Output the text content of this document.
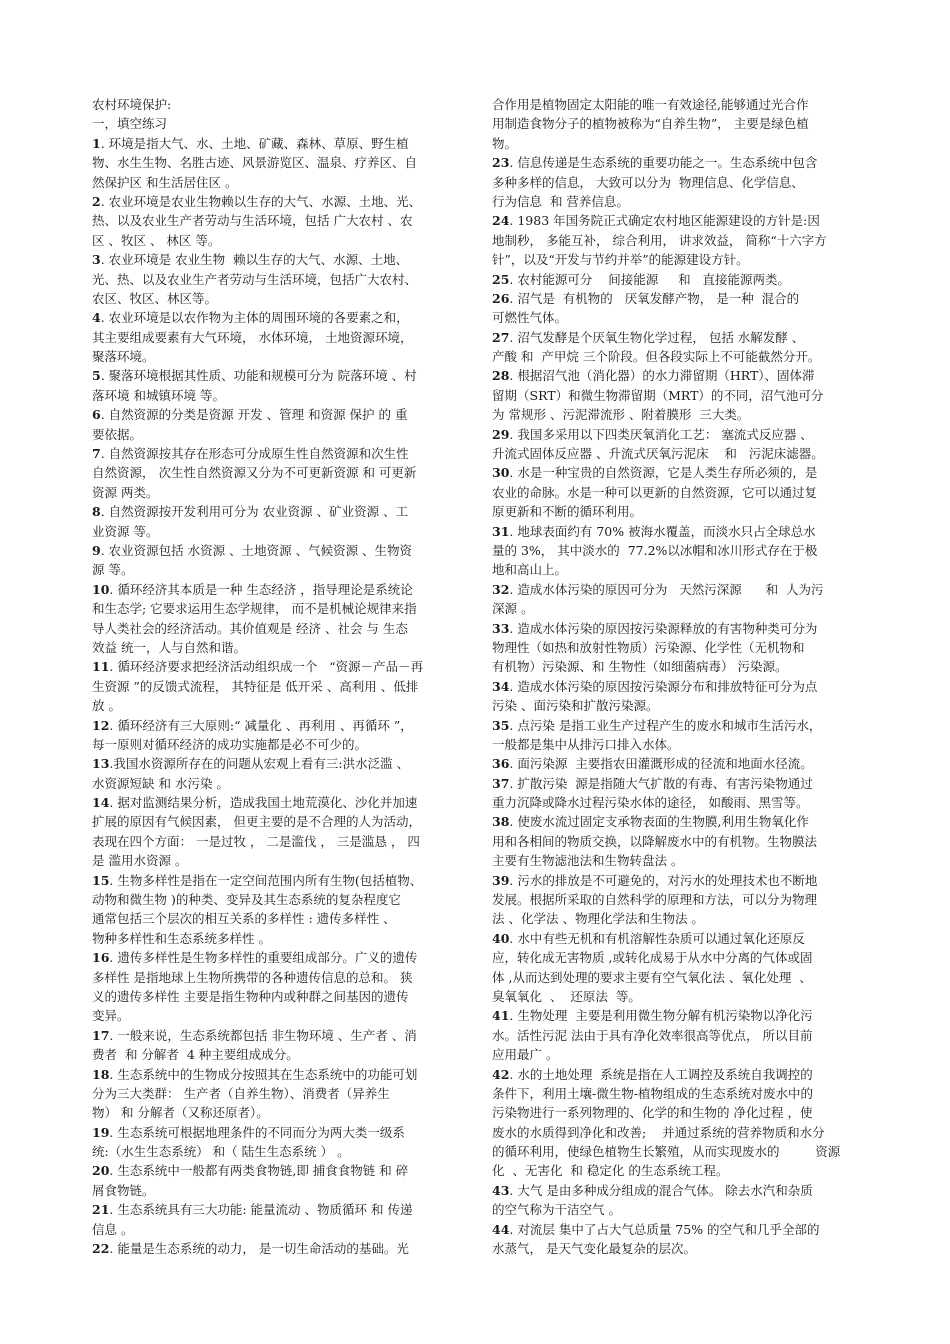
农村环境保护:
一，填空练习
1. 环境是指大气、水、土地、矿藏、森林、草原、野生植
物、水生生物、名胜古迹、风景游览区、温泉、疗养区、自
然保护区 和生活居住区 。
2. 农业环境是农业生物赖以生存的大气、水源、土地、光、
热、以及农业生产者劳动与生活环境，包括 广大农村 、农
区 、牧区 、 林区 等。
3. 农业环境是 农业生物  赖以生存的大气、水源、土地、
光、热、以及农业生产者劳动与生活环境，包括广大农村、
农区、牧区、林区等。
4. 农业环境是以农作物为主体的周围环境的各要素之和，
其主要组成要素有大气环境， 水体环境， 土地资源环境，
聚落环境。
5. 聚落环境根据其性质、功能和规模可分为 院落环境 、村
落环境 和城镇环境 等。
6. 自然资源的分类是资源 开发 、管理 和资源 保护 的 重
要依据。
7. 自然资源按其存在形态可分成原生性自然资源和次生性
自然资源， 次生性自然资源又分为不可更新资源 和 可更新
资源 两类。
8. 自然资源按开发利用可分为 农业资源 、矿业资源 、工
业资源 等。
9. 农业资源包括 水资源 、土地资源 、气候资源 、生物资
源 等。
10. 循环经济其本质是一种 生态经济 ，指导理论是系统论
和生态学; 它要求运用生态学规律， 而不是机械论规律来指
导人类社会的经济活动。其价值观是 经济 、社会 与 生态
效益 统一，人与自然和谐。
11. 循环经济要求把经济活动组织成一个   “资源－产品－再
生资源 ”的反馈式流程， 其特征是 低开采 、高利用 、低排
放 。
12. 循环经济有三大原则:“ 减量化 、再利用 、再循环 ”，
每一原则对循环经济的成功实施都是必不可少的。
13.我国水资源所存在的问题从宏观上看有三:洪水泛滥 、
水资源短缺 和 水污染 。
14. 据对监测结果分析，造成我国土地荒漠化、沙化并加速
扩展的原因有气候因素， 但更主要的是不合理的人为活动，
表现在四个方面： 一是过牧 ， 二是滥伐 ， 三是滥恳 ， 四
是 滥用水资源 。
15. 生物多样性是指在一定空间范围内所有生物(包括植物、
动物和微生物 )的种类、变异及其生态系统的复杂程度它
通常包括三个层次的相互关系的多样性 : 遗传多样性 、
物种多样性和生态系统多样性 。
16. 遗传多样性是生物多样性的重要组成部分。广义的遗传
多样性 是指地球上生物所携带的各种遗传信息的总和。 狭
义的遗传多样性 主要是指生物种内或种群之间基因的遗传
变异。
17. 一般来说，生态系统都包括 非生物环境 、生产者 、消
费者  和 分解者  4 种主要组成成分。
18. 生态系统中的生物成分按照其在生态系统中的功能可划
分为三大类群： 生产者（自养生物）、消费者（异养生
物） 和 分解者（又称还原者）。
19. 生态系统可根据地理条件的不同而分为两大类一级系
统:（水生生态系统） 和（ 陆生生态系统 ） 。
20. 生态系统中一般都有两类食物链,即 捕食食物链 和 碎
屑食物链。
21. 生态系统具有三大功能: 能量流动 、物质循环 和 传递
信息 。
22. 能量是生态系统的动力， 是一切生命活动的基础。光
合作用是植物固定太阳能的唯一有效途径,能够通过光合作
用制造食物分子的植物被称为“自养生物”， 主要是绿色植
物。
23. 信息传递是生态系统的重要功能之一。生态系统中包含
多种多样的信息， 大致可以分为  物理信息、化学信息、
行为信息  和 营养信息。
24. 1983 年国务院正式确定农村地区能源建设的方针是:因
地制秒， 多能互补， 综合利用， 讲求效益， 简称“十六字方
针”，以及“开发与节约并举”的能源建设方针。
25. 农村能源可分    间接能源     和   直接能源两类。
26. 沼气是  有机物的   厌氧发酵产物， 是一种  混合的
可燃性气体。
27. 沼气发酵是个厌氧生物化学过程， 包括 水解发酵 、
产酸 和  产甲烷 三个阶段。但各段实际上不可能截然分开。
28. 根据沼气池（消化器）的水力滞留期（HRT）、固体滞
留期（SRT）和微生物滞留期（MRT）的不同，沼气池可分
为 常规形 、污泥滞流形 、附着膜形  三大类。
29. 我国多采用以下四类厌氧消化工艺： 塞流式反应器 、
升流式固体反应器 、升流式厌氧污泥床    和   污泥床滤器。
30. 水是一种宝贵的自然资源，它是人类生存所必须的，是
农业的命脉。水是一种可以更新的自然资源，它可以通过复
原更新和不断的循环利用。
31. 地球表面约有 70% 被海水覆盖，而淡水只占全球总水
量的 3%， 其中淡水的  77.2%以冰帽和冰川形式存在于极
地和高山上。
32. 造成水体污染的原因可分为   天然污深源      和  人为污
深源 。
33. 造成水体污染的原因按污染源释放的有害物种类可分为
物理性（如热和放射性物质）污染源、化学性（无机物和
有机物）污染源、和 生物性（如细菌病毒） 污染源。
34. 造成水体污染的原因按污染源分布和排放特征可分为点
污染 、面污染和扩散污染源。
35. 点污染 是指工业生产过程产生的废水和城市生活污水，
一般都是集中从排污口排入水体。
36. 面污染源  主要指农田灌溉形成的径流和地面水径流。
37. 扩散污染  源是指随大气扩散的有毒、有害污染物通过
重力沉降或降水过程污染水体的途径， 如酸雨、黑雪等。
38. 使废水流过固定支承物表面的生物膜,利用生物氧化作
用和各相间的物质交换，以降解废水中的有机物。生物膜法
主要有生物滤池法和生物转盘法 。
39. 污水的排放是不可避免的，对污水的处理技术也不断地
发展。根据所采取的自然科学的原理和方法，可以分为物理
法 、化学法 、物理化学法和生物法 。
40. 水中有些无机和有机溶解性杂质可以通过氧化还原反
应，转化成无害物质 ,或转化成易于从水中分离的气体或固
体 ,从而达到处理的要求主要有空气氧化法 、氧化处理  、
臭氧氧化  、  还原法  等。
41. 生物处理  主要是利用微生物分解有机污染物以净化污
水。活性污泥 法由于具有净化效率很高等优点， 所以目前
应用最广 。
42. 水的土地处理  系统是指在人工调控及系统自我调控的
条件下，利用土壤-微生物-植物组成的生态系统对废水中的
污染物进行一系列物理的、化学的和生物的 净化过程 ，使
废水的水质得到净化和改善;    并通过系统的营养物质和水分
的循环利用，使绿色植物生长繁殖，从而实现废水的         资源
化  、无害化  和 稳定化 的生态系统工程。
43. 大气 是由多种成分组成的混合气体。 除去水汽和杂质
的空气称为干洁空气 。
44. 对流层 集中了占大气总质量 75% 的空气和几乎全部的
水蒸气， 是天气变化最复杂的层次。
